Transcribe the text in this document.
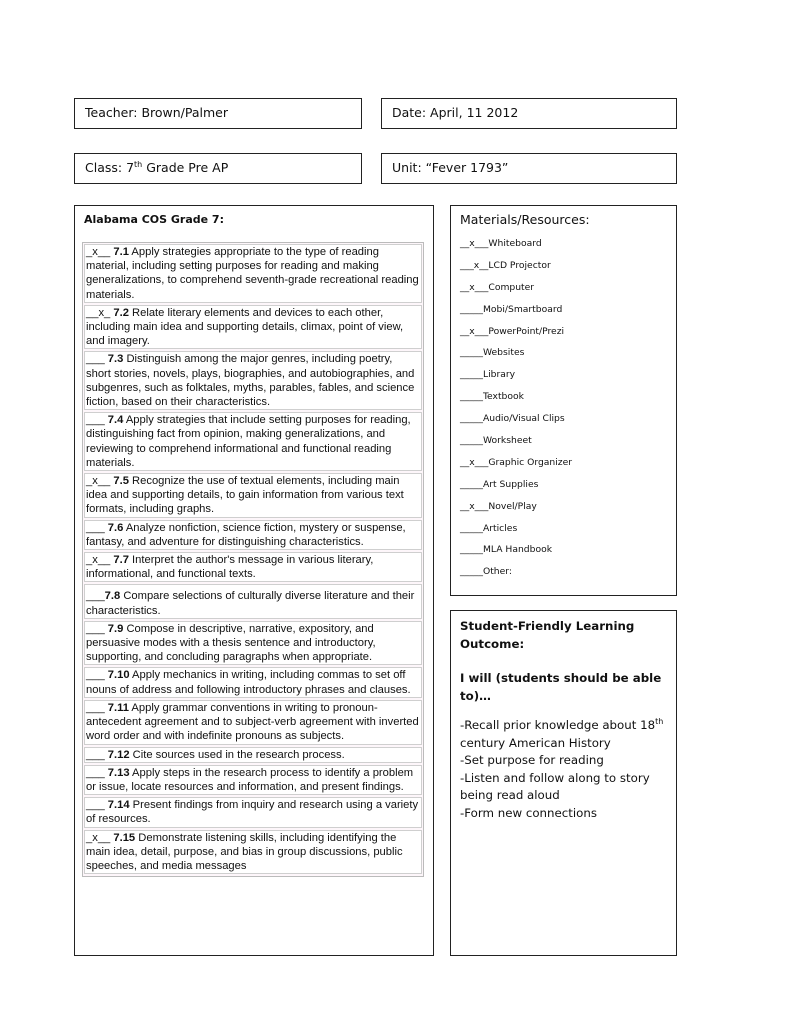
Teacher: Brown/Palmer	Date: April, 11 2012
Class: 7th Grade Pre AP	Unit: “Fever 1793”
Alabama COS Grade 7:
_x__ 7.1 Apply strategies appropriate to the type of reading material, including setting purposes for reading and making generalizations, to comprehend seventh-grade recreational reading materials.
__x_ 7.2 Relate literary elements and devices to each other, including main idea and supporting details, climax, point of view, and imagery.
___ 7.3 Distinguish among the major genres, including poetry, short stories, novels, plays, biographies, and autobiographies, and subgenres, such as folktales, myths, parables, fables, and science fiction, based on their characteristics.
___ 7.4 Apply strategies that include setting purposes for reading, distinguishing fact from opinion, making generalizations, and reviewing to comprehend informational and functional reading materials.
_x__ 7.5 Recognize the use of textual elements, including main idea and supporting details, to gain information from various text formats, including graphs.
___ 7.6 Analyze nonfiction, science fiction, mystery or suspense, fantasy, and adventure for distinguishing characteristics.
_x__ 7.7 Interpret the author's message in various literary, informational, and functional texts.
___7.8 Compare selections of culturally diverse literature and their characteristics.
___ 7.9 Compose in descriptive, narrative, expository, and persuasive modes with a thesis sentence and introductory, supporting, and concluding paragraphs when appropriate.
___ 7.10 Apply mechanics in writing, including commas to set off nouns of address and following introductory phrases and clauses.
___ 7.11 Apply grammar conventions in writing to pronoun-antecedent agreement and to subject-verb agreement with inverted word order and with indefinite pronouns as subjects.
___ 7.12 Cite sources used in the research process.
___ 7.13 Apply steps in the research process to identify a problem or issue, locate resources and information, and present findings.
___ 7.14 Present findings from inquiry and research using a variety of resources.
_x__ 7.15 Demonstrate listening skills, including identifying the main idea, detail, purpose, and bias in group discussions, public speeches, and media messages
Materials/Resources:
__x___Whiteboard
___x__LCD Projector
__x___Computer
_____Mobi/Smartboard
__x___PowerPoint/Prezi
_____Websites
_____Library
_____Textbook
_____Audio/Visual Clips
_____Worksheet
__x___Graphic Organizer
_____Art Supplies
__x___Novel/Play
_____Articles
_____MLA Handbook
_____Other:
Student-Friendly Learning Outcome:
I will (students should be able to)…
-Recall prior knowledge about 18th century American History
-Set purpose for reading
-Listen and follow along to story being read aloud
-Form new connections
